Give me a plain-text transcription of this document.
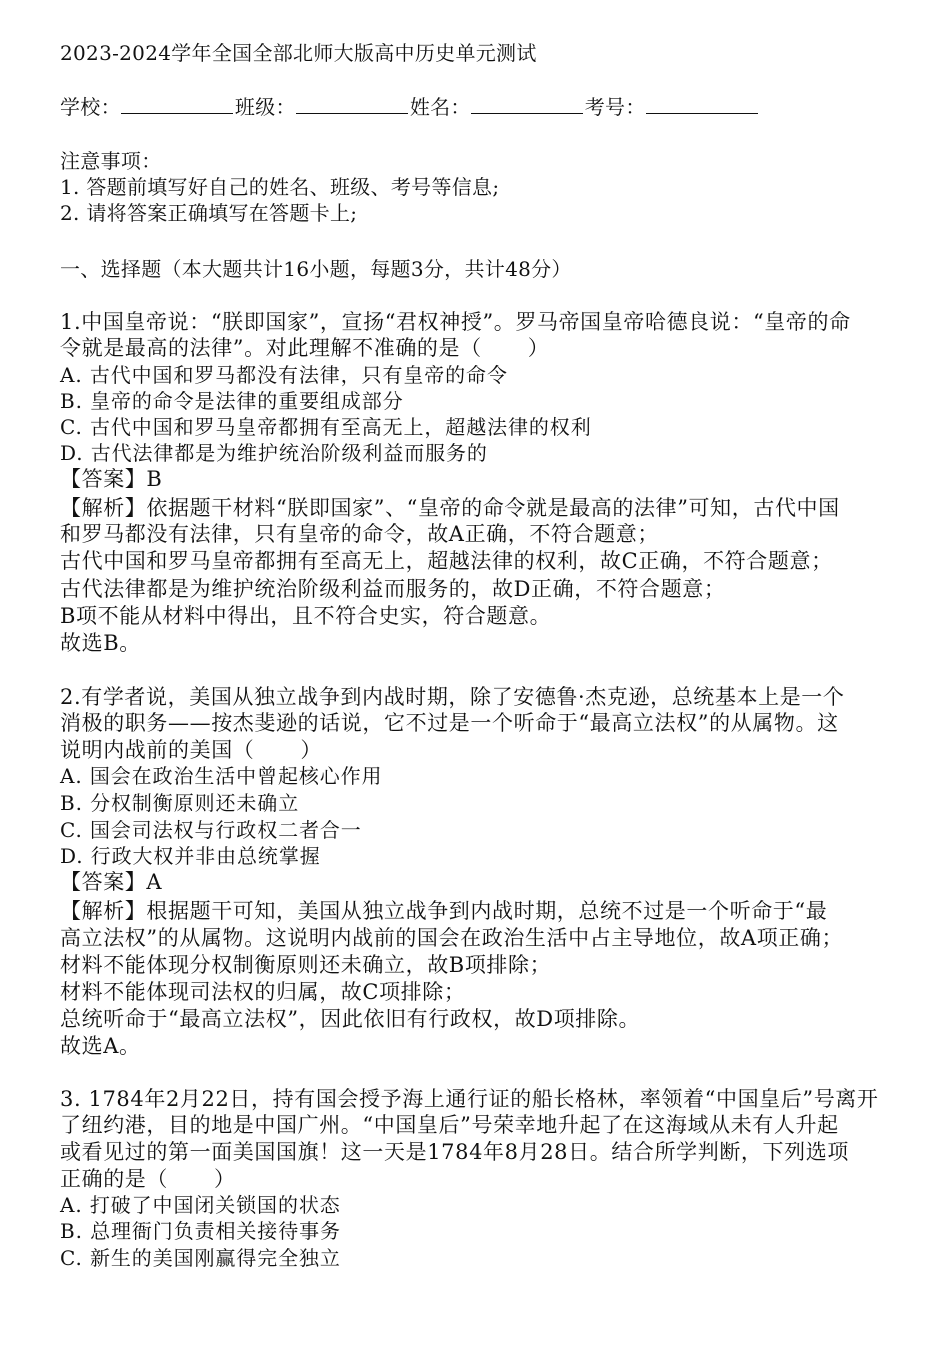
2023-2024学年全国全部北师大版高中历史单元测试
学校：	班级：	姓名：	考号：
注意事项：
1. 答题前填写好自己的姓名、班级、考号等信息;
2. 请将答案正确填写在答题卡上;
一、选择题（本大题共计16小题，每题3分，共计48分）
1.中国皇帝说：“朕即国家”，宣扬“君权神授”。罗马帝国皇帝哈德良说：“皇帝的命
令就是最高的法律”。对此理解不准确的是（ ）
A. 古代中国和罗马都没有法律，只有皇帝的命令
B. 皇帝的命令是法律的重要组成部分
C. 古代中国和罗马皇帝都拥有至高无上，超越法律的权利
D. 古代法律都是为维护统治阶级利益而服务的
【答案】B
【解析】依据题干材料“朕即国家”、“皇帝的命令就是最高的法律”可知，古代中国
和罗马都没有法律，只有皇帝的命令，故A正确，不符合题意；
古代中国和罗马皇帝都拥有至高无上，超越法律的权利，故C正确，不符合题意；
古代法律都是为维护统治阶级利益而服务的，故D正确，不符合题意；
B项不能从材料中得出，且不符合史实，符合题意。
故选B。
2.有学者说，美国从独立战争到内战时期，除了安德鲁·杰克逊，总统基本上是一个
消极的职务——按杰斐逊的话说，它不过是一个听命于“最高立法权”的从属物。这
说明内战前的美国（ ）
A. 国会在政治生活中曾起核心作用
B. 分权制衡原则还未确立
C. 国会司法权与行政权二者合一
D. 行政大权并非由总统掌握
【答案】A
【解析】根据题干可知，美国从独立战争到内战时期，总统不过是一个听命于“最
高立法权”的从属物。这说明内战前的国会在政治生活中占主导地位，故A项正确；
材料不能体现分权制衡原则还未确立，故B项排除；
材料不能体现司法权的归属，故C项排除；
总统听命于“最高立法权”，因此依旧有行政权，故D项排除。
故选A。
3. 1784年2月22日，持有国会授予海上通行证的船长格林，率领着“中国皇后”号离开
了纽约港，目的地是中国广州。“中国皇后”号荣幸地升起了在这海域从未有人升起
或看见过的第一面美国国旗！这一天是1784年8月28日。结合所学判断，下列选项
正确的是（ ）
A. 打破了中国闭关锁国的状态
B. 总理衙门负责相关接待事务
C. 新生的美国刚赢得完全独立
